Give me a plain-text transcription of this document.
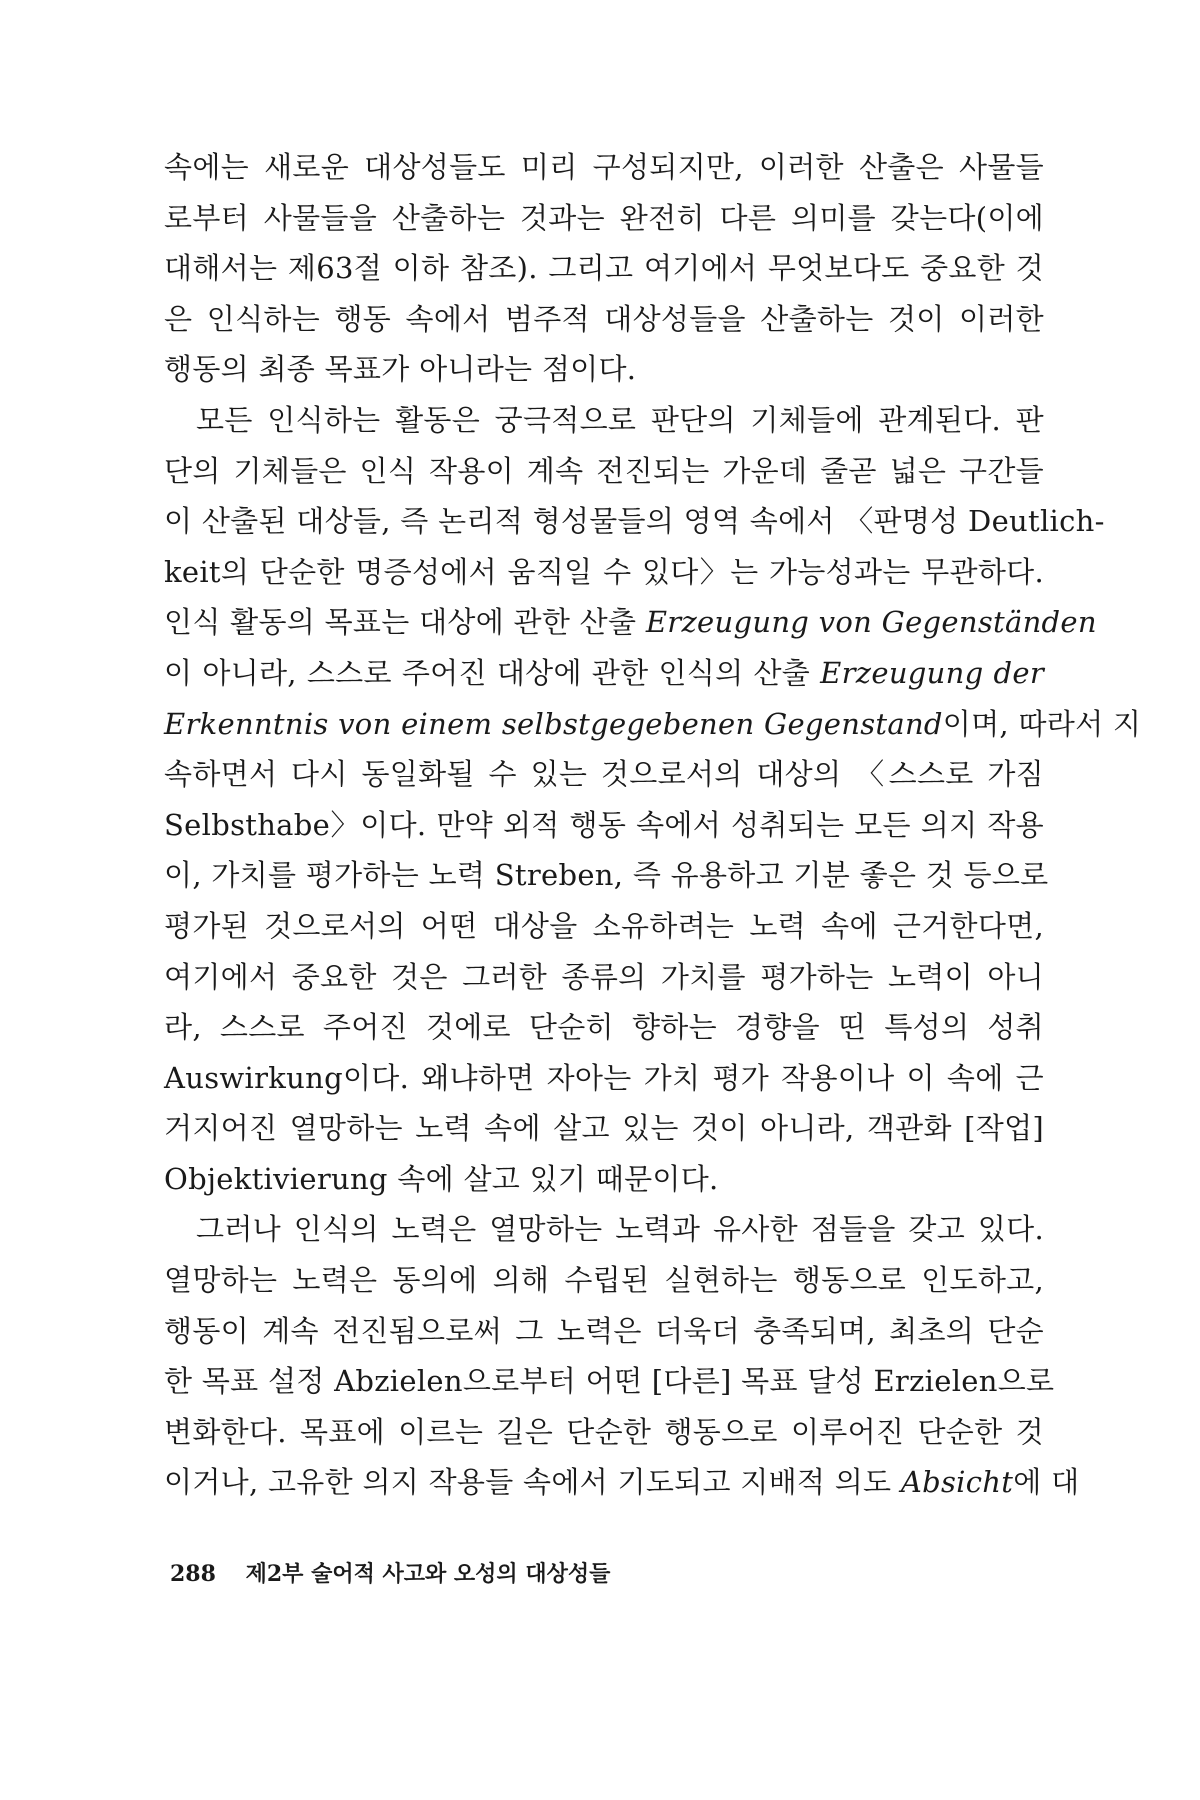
속에는 새로운 대상성들도 미리 구성되지만, 이러한 산출은 사물들
로부터 사물들을 산출하는 것과는 완전히 다른 의미를 갖는다(이에
대해서는 제63절 이하 참조). 그리고 여기에서 무엇보다도 중요한 것
은 인식하는 행동 속에서 범주적 대상성들을 산출하는 것이 이러한
행동의 최종 목표가 아니라는 점이다.
모든 인식하는 활동은 궁극적으로 판단의 기체들에 관계된다. 판
단의 기체들은 인식 작용이 계속 전진되는 가운데 줄곧 넓은 구간들
이 산출된 대상들, 즉 논리적 형성물들의 영역 속에서 〈판명성 Deutlich-
keit의 단순한 명증성에서 움직일 수 있다〉는 가능성과는 무관하다.
인식 활동의 목표는 대상에 관한 산출 Erzeugung von Gegenständen
이 아니라, 스스로 주어진 대상에 관한 인식의 산출 Erzeugung der
Erkenntnis von einem selbstgegebenen Gegenstand이며, 따라서 지
속하면서 다시 동일화될 수 있는 것으로서의 대상의 〈스스로 가짐
Selbsthabe〉이다. 만약 외적 행동 속에서 성취되는 모든 의지 작용
이, 가치를 평가하는 노력 Streben, 즉 유용하고 기분 좋은 것 등으로
평가된 것으로서의 어떤 대상을 소유하려는 노력 속에 근거한다면,
여기에서 중요한 것은 그러한 종류의 가치를 평가하는 노력이 아니
라, 스스로 주어진 것에로 단순히 향하는 경향을 띤 특성의 성취
Auswirkung이다. 왜냐하면 자아는 가치 평가 작용이나 이 속에 근
거지어진 열망하는 노력 속에 살고 있는 것이 아니라, 객관화 [작업]
Objektivierung 속에 살고 있기 때문이다.
그러나 인식의 노력은 열망하는 노력과 유사한 점들을 갖고 있다.
열망하는 노력은 동의에 의해 수립된 실현하는 행동으로 인도하고,
행동이 계속 전진됨으로써 그 노력은 더욱더 충족되며, 최초의 단순
한 목표 설정 Abzielen으로부터 어떤 [다른] 목표 달성 Erzielen으로
변화한다. 목표에 이르는 길은 단순한 행동으로 이루어진 단순한 것
이거나, 고유한 의지 작용들 속에서 기도되고 지배적 의도 Absicht에 대
288 제2부 술어적 사고와 오성의 대상성들
